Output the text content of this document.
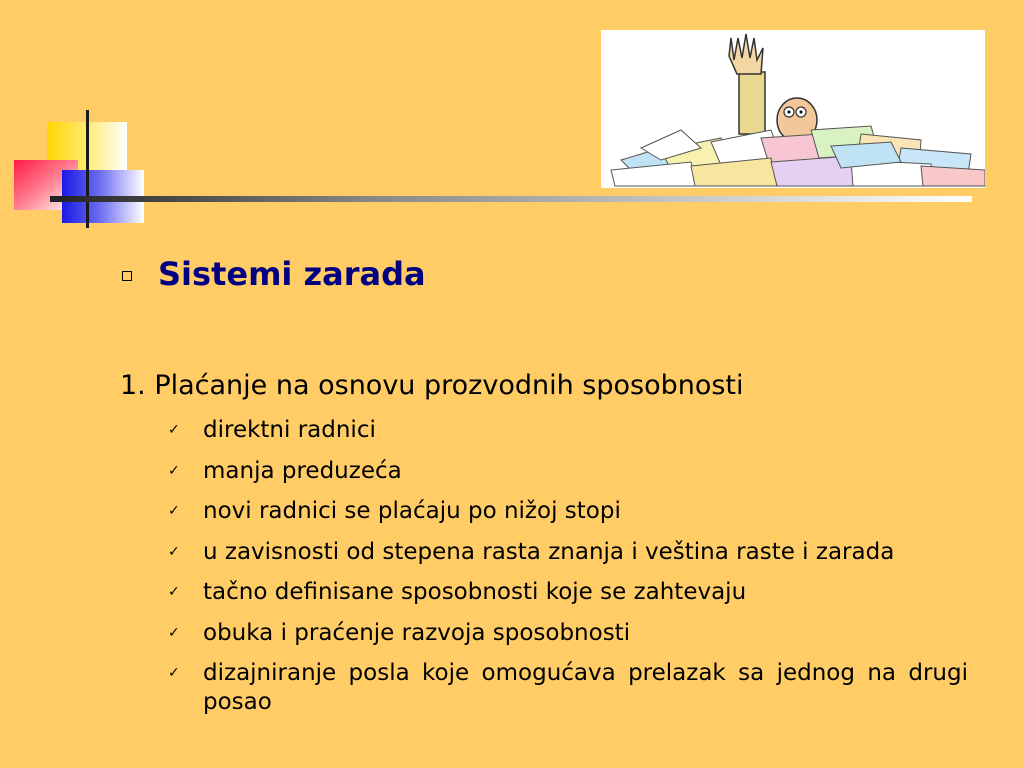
Sistemi zarada
1. Plaćanje na osnovu prozvodnih sposobnosti
✓ direktni radnici
✓ manja preduzeća
✓ novi radnici se plaćaju po nižoj stopi
✓ u zavisnosti od stepena rasta znanja i veština raste i zarada
✓ tačno definisane sposobnosti koje se zahtevaju
✓ obuka i praćenje razvoja sposobnosti
✓ dizajniranje posla koje omogućava prelazak sa jednog na drugi posao
